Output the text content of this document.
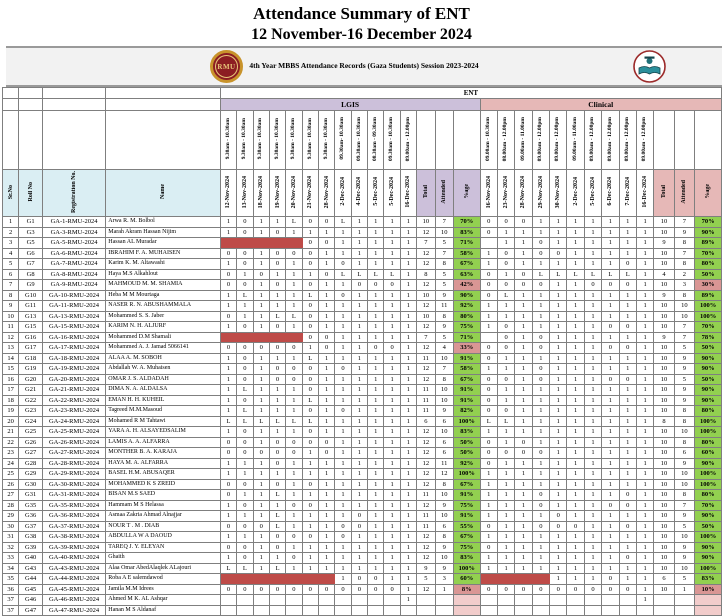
Attendance Summary of ENT
12 November-16 December 2024
RMU	4th Year MBBS Attendance Records (Gaza Students) Session 2023-2024
				ENT																											
				LGIS															Clinical												
				9.30am - 10.30am	9.30am - 10.30am	9.30am - 10.30am	9.30am - 10.30am	9.30am - 10.30am	9.30am - 10.30am	9.30am - 10.30am	09.30am- 10.30am	09.30am - 10.30am	08.30am - 09.30am	09.30am - 10.30am	09.00am - 12.00pm				09.00am - 10.30am	08.00am - 12.00pm	09.00am - 11.00am	09.00am - 12.00pm	09.00am - 12.00pm	09.00am - 11.00am	09.00am - 12.00pm	09.00am - 12.00pm	09.00am - 12.00pm	09.00am - 12.00pm			
Sr.No	Roll No	Registration No.	Name	12-Nov-2024	13-Nov-2024	18-Nov-2024	19-Nov-2024	20-Nov-2024	21-Nov-2024	28-Nov-2024	2-Dec-2024	4-Dec-2024	5-Dec-2024	5-Dec-2024	16-Dec-2024	Total	Attended	%age	16-Nov-2024	23-Nov-2024	28-Nov-2024	29-Nov-2024	30-Nov-2024	2-Dec-2024	5-Dec-2024	6-Dec-2024	7-Dec-2024	16-Dec-2024	Total	Attended	%age
1	G1	GA-1-RMU-2024	Arwa R. M. Bolbol	1	0	1	1	L	0	0	L	1	1	1	1	10	7	70%	0	0	0	1	1	1	1	1	1	1	10	7	70%
2	G3	GA-3-RMU-2024	Marah Akram Hassan Nijim	1	0	1	0	1	1	1	1	1	1	1	1	12	10	83%	0	1	1	1	1	1	1	1	1	1	10	9	90%
3	G5	GA-5-RMU-2024	Hassan AL Muradar						0	0	1	1	1	1	1	7	5	71%		1	1	0	1	1	1	1	1	1	9	8	89%
4	G6	GA-6-RMU-2024	IBRAHIM F. A. MUHAISEN	0	0	1	0	0	0	1	1	1	1	1	1	12	7	58%	1	0	1	0	0	1	1	1	1	1	10	7	70%
5	G7	GA-7-RMU-2024	Karim K. M. Altawashi	1	0	1	0	1	0	1	0	1	1	1	1	12	8	67%	1	0	1	1	1	1	1	1	0	1	10	8	80%
6	G8	GA-8-RMU-2024	Haya M.S Alkahlout	0	1	0	1	1	1	0	L	L	L	L	1	8	5	63%	0	1	0	L	L	L	L	L	L	1	4	2	50%
7	G9	GA-9-RMU-2024	MAHMOUD M. M. SHAMIA	0	0	1	0	1	0	1	1	0	0	0	1	12	5	42%	0	0	0	0	1	1	0	0	0	1	10	3	30%
8	G10	GA-10-RMU-2024	Heba M M Mourtaga	1	L	1	1	1	L	1	0	1	1	1	1	10	9	90%	0	L	1	1	1	1	1	1	1	1	9	8	89%
9	G11	GA-11-RMU-2024	NASER R. N. ABUSHAMMALA	1	1	1	1	1	0	1	1	1	1	1	1	12	11	92%	1	1	1	1	1	1	1	1	1	1	10	10	100%
10	G13	GA-13-RMU-2024	Mohammed S. S. Jaber	0	1	1	L	L	0	1	1	1	1	1	1	10	8	80%	1	1	1	1	1	1	1	1	1	1	10	10	100%
11	G15	GA-15-RMU-2024	KARIM N. H. ALJURF	1	0	1	0	1	0	1	1	1	1	1	1	12	9	75%	1	0	1	1	1	1	1	0	0	1	10	7	70%
12	G16	GA-16-RMU-2024	Mohammed D.M Shamali						0	0	1	1	1	1	1	7	5	71%		0	1	0	1	1	1	1	1	1	9	7	78%
13	G17	GA-17-RMU-2024	Mohammed A. J. Jamad 5066141	0	0	0	0	0	1	0	1	1	0	0	1	12	4	33%	0	0	1	0	1	1	1	0	0	1	10	5	50%
14	G18	GA-18-RMU-2024	ALAA A. M. SOBOH	1	0	1	1	1	L	1	1	1	1	1	1	11	10	91%	0	1	1	1	1	1	1	1	1	1	10	9	90%
15	G19	GA-19-RMU-2024	Abdallah W. A. Muhaisen	1	0	1	0	0	0	1	0	1	1	1	1	12	7	58%	1	1	1	0	1	1	1	1	1	1	10	9	90%
16	G20	GA-20-RMU-2024	OMAR J. S. ALDADAH	1	0	1	0	0	0	1	1	1	1	1	1	12	8	67%	0	0	1	0	1	1	1	0	0	1	10	5	50%
17	G21	GA-21-RMU-2024	DIMA N. A. ALDALSA	1	L	1	1	1	0	1	1	1	1	1	1	11	10	91%	0	1	1	1	1	1	1	1	1	1	10	9	90%
18	G22	GA-22-RMU-2024	EMAN H. H. KUHEIL	1	0	1	1	1	L	1	1	1	1	1	1	11	10	91%	0	1	1	1	1	1	1	1	1	1	10	9	90%
19	G23	GA-23-RMU-2024	Tagreed M.M.Masoud	1	L	1	1	1	0	1	0	1	1	1	1	11	9	82%	0	0	1	1	1	1	1	1	1	1	10	8	80%
20	G24	GA-24-RMU-2024	Mohamed R M Tahtawi	L	L	L	L	L	L	1	1	1	1	1	1	6	6	100%	L	L	1	1	1	1	1	1	1	1	8	8	100%
21	G25	GA-25-RMU-2024	YARA A. H. ALSAYEDSALIM	1	0	1	1	1	0	1	1	1	1	1	1	12	10	83%	1	1	1	1	1	1	1	1	1	1	10	10	100%
22	G26	GA-26-RMU-2024	LAMIS A. A. ALFARRA	0	0	1	0	0	0	0	1	1	1	1	1	12	6	50%	0	1	0	1	1	1	1	1	1	1	10	8	80%
23	G27	GA-27-RMU-2024	MONTHER B. A. KARAJA	0	0	0	0	0	1	0	1	1	1	1	1	12	6	50%	0	0	0	0	1	1	1	1	1	1	10	6	60%
24	G28	GA-28-RMU-2024	HAYA M. A. ALFARRA	1	1	1	0	1	1	1	1	1	1	1	1	12	11	92%	0	1	1	1	1	1	1	1	1	1	10	9	90%
25	G29	GA-29-RMU-2024	BASEL H.M. ABUSAQER	1	1	1	1	1	1	1	1	1	1	1	1	12	12	100%	1	1	1	1	1	1	1	1	1	1	10	10	100%
26	G30	GA-30-RMU-2024	MOHAMMED K S ZREID	0	0	1	0	1	0	1	1	1	1	1	1	12	8	67%	1	1	1	1	1	1	1	1	1	1	10	10	100%
27	G31	GA-31-RMU-2024	BISAN M.S SAED	0	1	1	L	1	1	1	1	1	1	1	1	11	10	91%	1	1	1	0	1	1	1	1	0	1	10	8	80%
28	G35	GA-35-RMU-2024	Hammam M S Helassa	1	0	1	1	0	0	1	1	1	1	1	1	12	9	75%	1	1	1	0	1	1	1	0	0	1	10	7	70%
29	G36	GA-36-RMU-2024	Asmaa Zakria Ahmad Alnajjar	1	1	1	L	1	1	1	1	0	1	1	1	11	10	91%	1	1	1	1	0	1	1	1	1	1	10	9	90%
30	G37	GA-37-RMU-2024	NOUR T . M . DIAB	0	0	0	L	1	1	1	0	0	1	1	1	11	6	55%	0	1	1	0	0	0	1	1	0	1	10	5	50%
31	G38	GA-38-RMU-2024	ABDULLA W A DAOUD	1	1	1	0	0	0	1	0	1	1	1	1	12	8	67%	1	1	1	1	1	1	1	1	1	1	10	10	100%
32	G39	GA-39-RMU-2024	TAREQ J. Y. ELEYAN	0	0	1	0	1	1	1	1	1	1	1	1	12	9	75%	0	1	1	1	1	1	1	1	1	1	10	9	90%
33	G40	GA-40-RMU-2024	Ghaith	1	0	1	1	0	1	1	1	1	1	1	1	12	10	83%	1	1	1	1	1	1	1	1	0	1	10	9	90%
34	G43	GA-43-RMU-2024	Alaa Omar AbedAlaqlek ALajouri	L	L	1	L	1	1	1	1	1	1	1	1	9	9	100%	1	1	1	1	1	1	1	1	1	1	10	10	100%
35	G44	GA-44-RMU-2024	Roba A E salemdawod								1	0	0	1	1	5	3	60%					1	1	1	0	1	1	6	5	83%
36	G45	GA-45-RMU-2024	Jamila M.M Idrees	0	0	0	0	0	0	0	0	0	0	0	1	12	1	8%	0	0	0	0	0	0	0	0	0	1	10	1	10%
37	G46	GA-46-RMU-2024	Ahmed M K. AL Ashqar												1													1			
37	G47	GA-47-RMU-2024	Hanan M S Aldanaf																												
